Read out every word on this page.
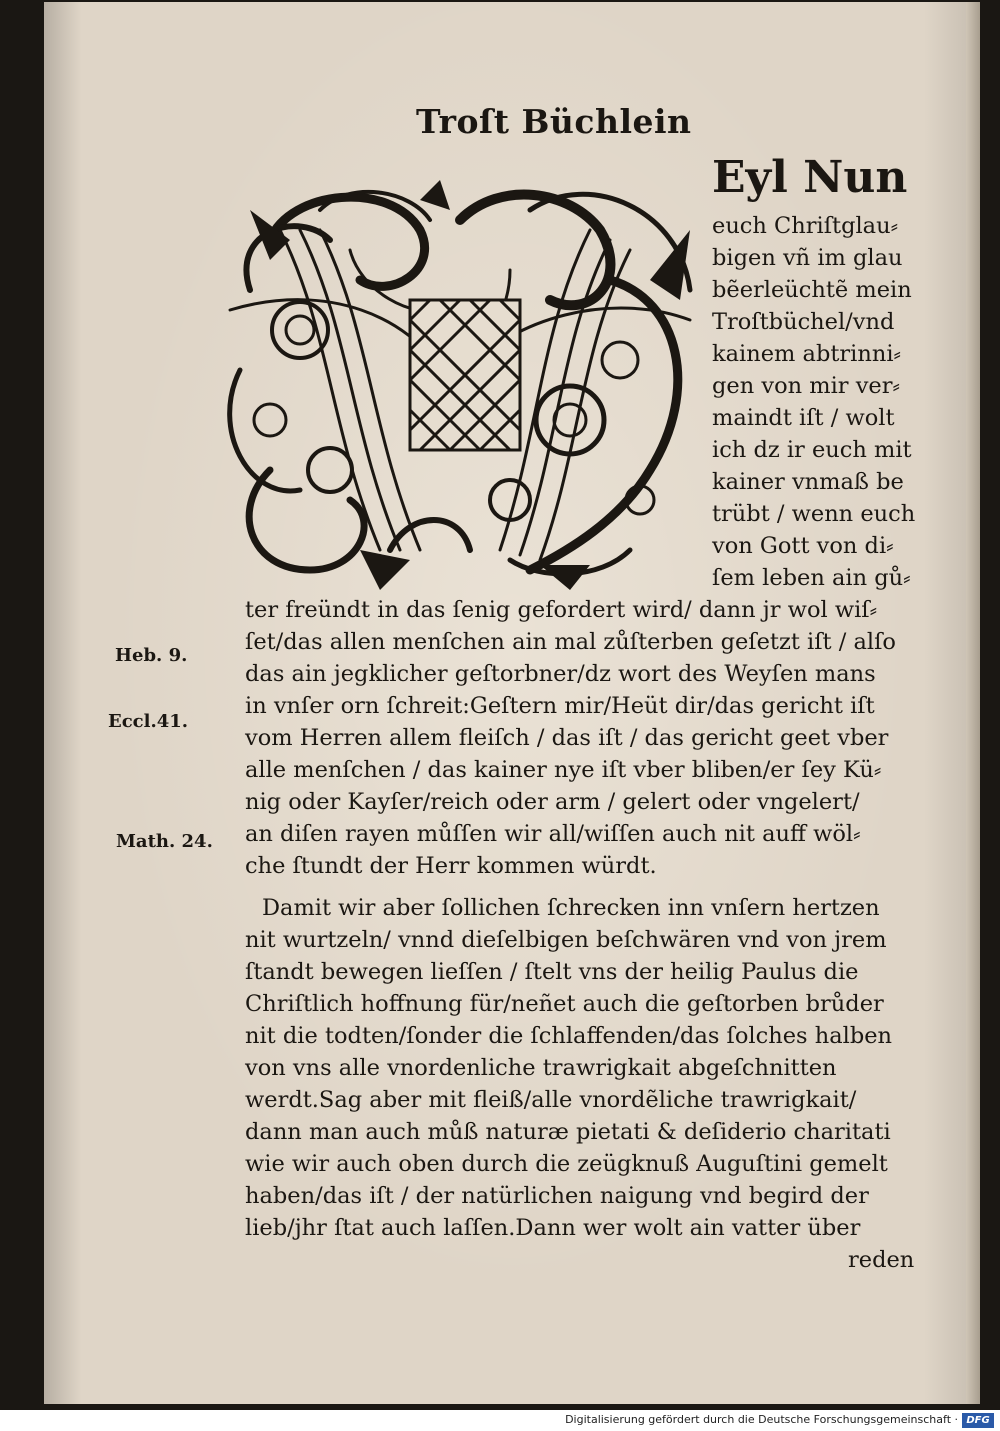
Troſt Büchlein
Eyl Nun
euch Chriſtglau⸗
bigen vñ im glau
bẽerleüchtẽ mein
Troſtbüchel/vnd
kainem abtrinni⸗
gen von mir ver⸗
maindt iſt / wolt
ich dz ir euch mit
kainer vnmaß be
trübt / wenn euch
von Gott von di⸗
ſem leben ain gů⸗
ter freündt in das ſenig gefordert wird/ dann jr wol wiſ⸗
ſet/das allen menſchen ain mal zůſterben geſetzt iſt / alſo
das ain jegklicher geſtorbner/dz wort des Weyſen mans
in vnſer orn ſchreit:Geſtern mir/Heüt dir/das gericht iſt
vom Herren allem fleiſch / das iſt / das gericht geet vber
alle menſchen / das kainer nye iſt vber bliben/er ſey Kü⸗
nig oder Kayſer/reich oder arm / gelert oder vngelert/
an diſen rayen můſſen wir all/wiſſen auch nit auff wöl⸗
che ſtundt der Herr kommen würdt.
Damit wir aber ſollichen ſchrecken inn vnſern hertzen
nit wurtzeln/ vnnd dieſelbigen beſchwären vnd von jrem
ſtandt bewegen lieſſen / ſtelt vns der heilig Paulus die
Chriſtlich hoffnung für/neñet auch die geſtorben brůder
nit die todten/ſonder die ſchlaffenden/das ſolches halben
von vns alle vnordenliche trawrigkait abgeſchnitten
werdt.Sag aber mit fleiß/alle vnordẽliche trawrigkait/
dann man auch můß naturæ pietati & deſiderio charitati
wie wir auch oben durch die zeügknuß Auguſtini gemelt
haben/das iſt / der natürlichen naigung vnd begird der
lieb/jhr ſtat auch laſſen.Dann wer wolt ain vatter über
reden
Heb. 9.
Eccl.41.
Math. 24.
Digitalisierung gefördert durch die Deutsche Forschungsgemeinschaft · DFG
